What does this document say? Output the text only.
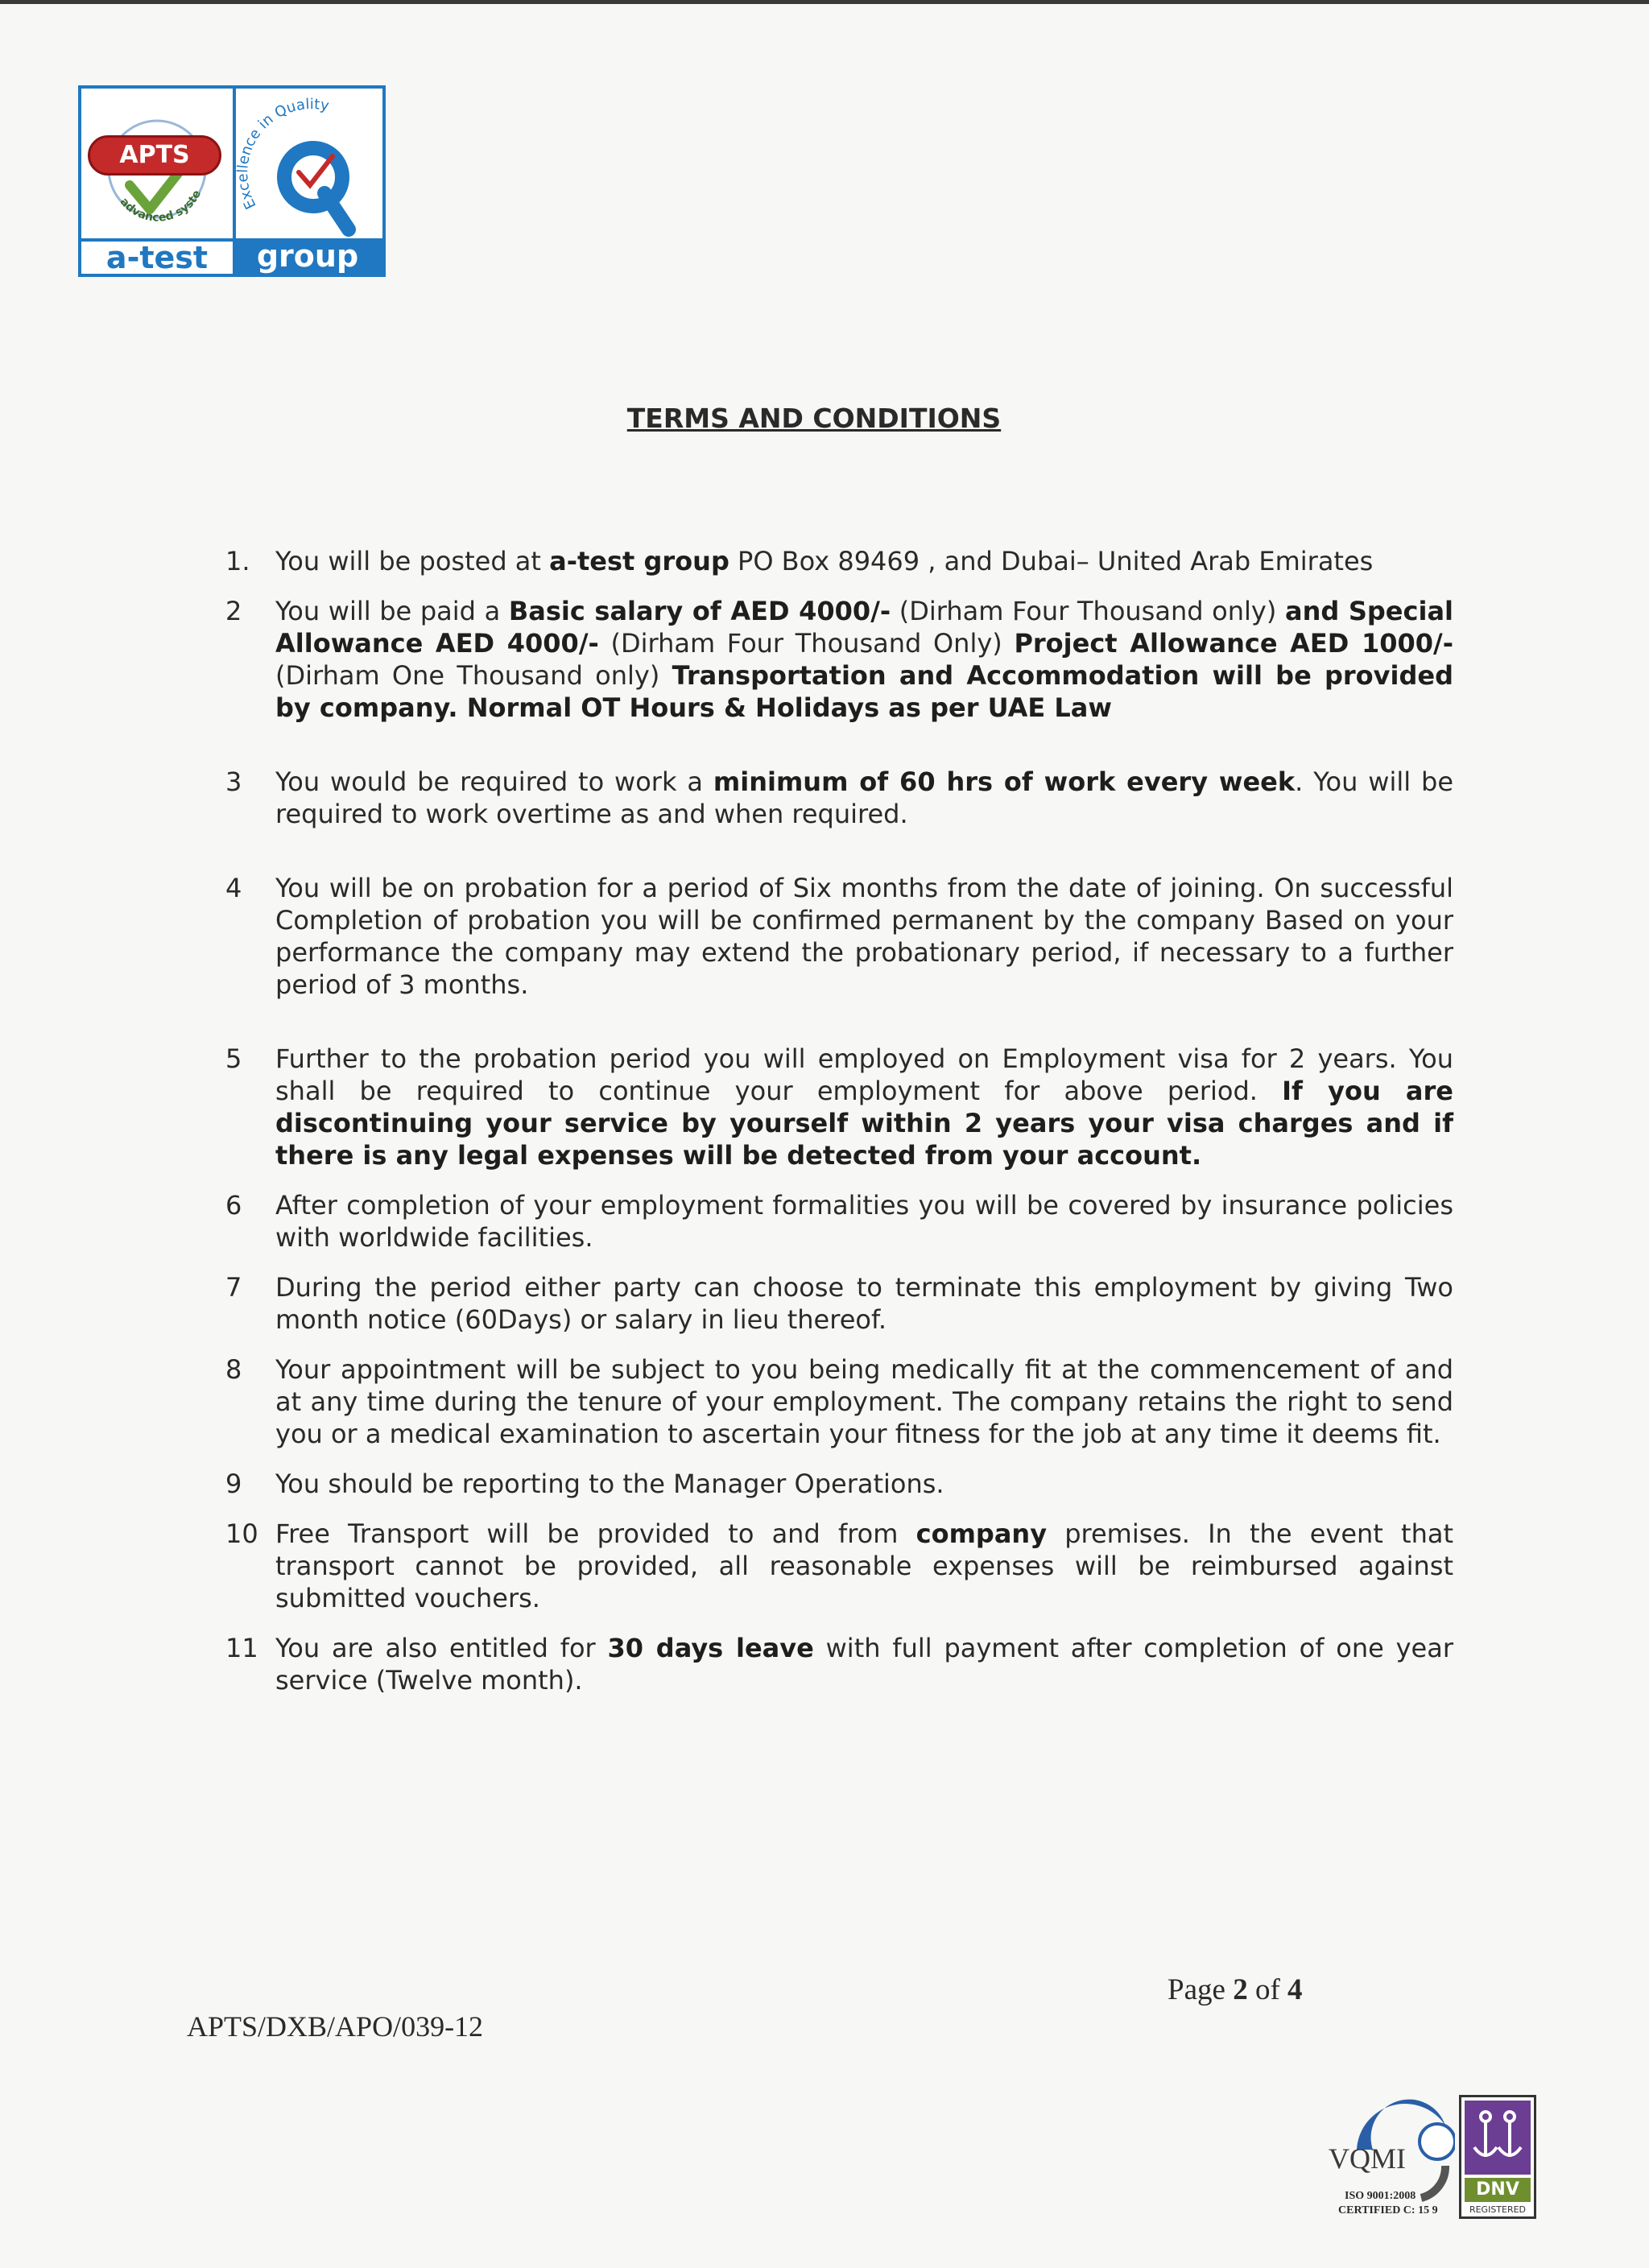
advanced syste
APTS
Excellence in Quality
a-test	group
TERMS AND CONDITIONS
1. You will be posted at a-test group PO Box 89469 , and Dubai– United Arab Emirates
2	You will be paid a Basic salary of AED 4000/- (Dirham Four Thousand only) and Special Allowance AED 4000/- (Dirham Four Thousand Only) Project Allowance AED 1000/- (Dirham One Thousand only) Transportation and Accommodation will be provided by company. Normal OT Hours & Holidays as per UAE Law
3	You would be required to work a minimum of 60 hrs of work every week. You will be required to work overtime as and when required.
4	You will be on probation for a period of Six months from the date of joining. On successful Completion of probation you will be confirmed permanent by the company Based on your performance the company may extend the probationary period, if necessary to a further period of 3 months.
5	Further to the probation period you will employed on Employment visa for 2 years. You shall be required to continue your employment for above period. If you are discontinuing your service by yourself within 2 years your visa charges and if there is any legal expenses will be detected from your account.
6	After completion of your employment formalities you will be covered by insurance policies with worldwide facilities.
7	During the period either party can choose to terminate this employment by giving Two month notice (60Days) or salary in lieu thereof.
8	Your appointment will be subject to you being medically fit at the commencement of and at any time during the tenure of your employment. The company retains the right to send you or a medical examination to ascertain your fitness for the job at any time it deems fit.
9	You should be reporting to the Manager Operations.
10 Free Transport will be provided to and from company premises. In the event that transport cannot be provided, all reasonable expenses will be reimbursed against submitted vouchers.
11 You are also entitled for 30 days leave with full payment after completion of one year service (Twelve month).
Page 2 of 4
APTS/DXB/APO/039-12
VQMI
ISO 9001:2008
CERTIFIED C: 15 9
DNV
REGISTERED
